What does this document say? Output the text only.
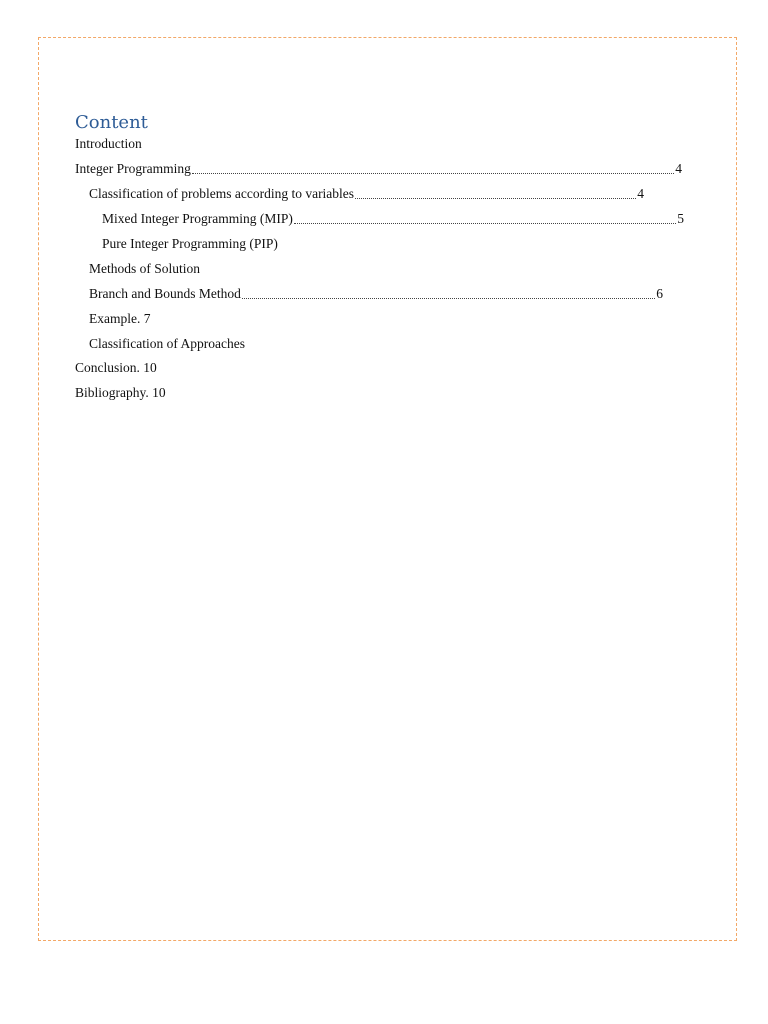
Content
Introduction
Integer Programming	4
Classification of problems according to variables	4
Mixed Integer Programming (MIP)	5
Pure Integer Programming (PIP)
Methods of Solution
Branch and Bounds Method	6
Example. 7
Classification of Approaches
Conclusion. 10
Bibliography. 10
